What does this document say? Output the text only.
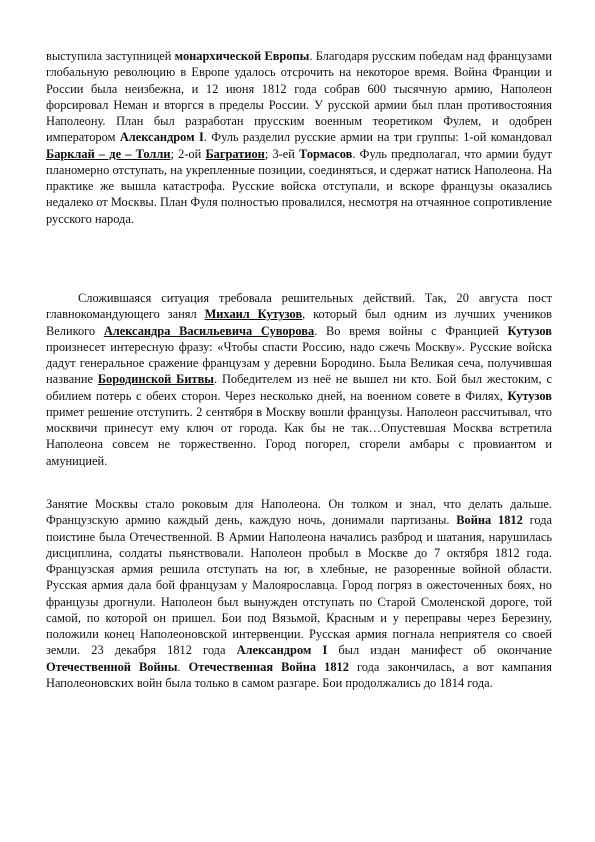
выступила заступницей монархической Европы. Благодаря русским победам над французами глобальную революцию в Европе удалось отсрочить на некоторое время. Война Франции и России была неизбежна, и 12 июня 1812 года собрав 600 тысячную армию, Наполеон форсировал Неман и вторгся в пределы России. У русской армии был план противостояния Наполеону. План был разработан прусским военным теоретиком Фулем, и одобрен императором Александром I. Фуль разделил русские армии на три группы: 1-ой командовал Барклай – де – Толли; 2-ой Багратион; 3-ей Тормасов. Фуль предполагал, что армии будут планомерно отступать, на укрепленные позиции, соединяться, и сдержат натиск Наполеона. На практике же вышла катастрофа. Русские войска отступали, и вскоре французы оказались недалеко от Москвы. План Фуля полностью провалился, несмотря на отчаянное сопротивление русского народа.

Сложившаяся ситуация требовала решительных действий. Так, 20 августа пост главнокомандующего занял Михаил Кутузов, который был одним из лучших учеников Великого Александра Васильевича Суворова. Во время войны с Францией Кутузов произнесет интересную фразу: «Чтобы спасти Россию, надо сжечь Москву». Русские войска дадут генеральное сражение французам у деревни Бородино. Была Великая сеча, получившая название Бородинской Битвы. Победителем из неё не вышел ни кто. Бой был жестоким, с обилием потерь с обеих сторон. Через несколько дней, на военном совете в Филях, Кутузов примет решение отступить. 2 сентября в Москву вошли французы. Наполеон рассчитывал, что москвичи принесут ему ключ от города. Как бы не так…Опустевшая Москва встретила Наполеона совсем не торжественно. Город погорел, сгорели амбары с провиантом и амуницией.

Занятие Москвы стало роковым для Наполеона. Он толком и знал, что делать дальше. Французскую армию каждый день, каждую ночь, донимали партизаны. Война 1812 года поистине была Отечественной. В Армии Наполеона начались разброд и шатания, нарушилась дисциплина, солдаты пьянствовали. Наполеон пробыл в Москве до 7 октября 1812 года. Французская армия решила отступать на юг, в хлебные, не разоренные войной области. Русская армия дала бой французам у Малоярославца. Город погряз в ожесточенных боях, но французы дрогнули. Наполеон был вынужден отступать по Старой Смоленской дороге, той самой, по которой он пришел. Бои под Вязьмой, Красным и у переправы через Березину, положили конец Наполеоновской интервенции. Русская армия погнала неприятеля со своей земли. 23 декабря 1812 года Александром I был издан манифест об окончание Отечественной Войны. Отечественная Война 1812 года закончилась, а вот кампания Наполеоновских войн была только в самом разгаре. Бои продолжались до 1814 года.
